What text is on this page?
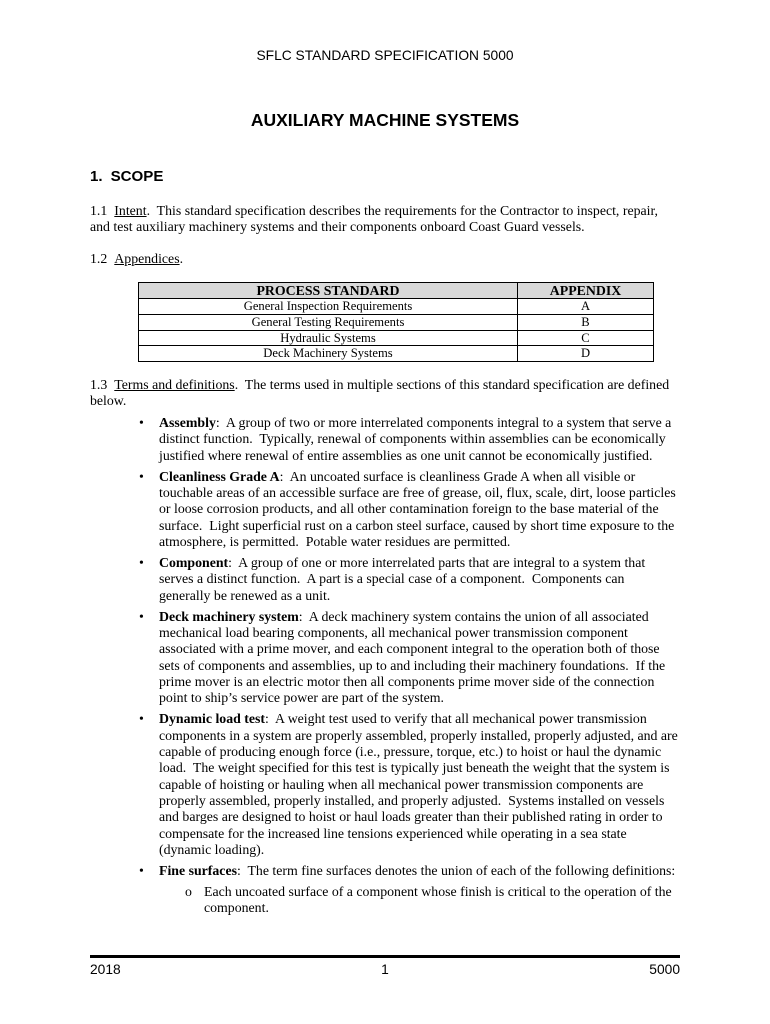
SFLC STANDARD SPECIFICATION 5000
AUXILIARY MACHINE SYSTEMS
1. SCOPE

1.1 Intent.  This standard specification describes the requirements for the Contractor to inspect, repair,
and test auxiliary machinery systems and their components onboard Coast Guard vessels.

1.2 Appendices.

PROCESS STANDARD	APPENDIX
General Inspection Requirements	A
General Testing Requirements	B
Hydraulic Systems	C
Deck Machinery Systems	D

1.3 Terms and definitions.  The terms used in multiple sections of this standard specification are defined
below.

•
Assembly:  A group of two or more interrelated components integral to a system that serve a
distinct function.  Typically, renewal of components within assemblies can be economically
justified where renewal of entire assemblies as one unit cannot be economically justified.
•
Cleanliness Grade A:  An uncoated surface is cleanliness Grade A when all visible or
touchable areas of an accessible surface are free of grease, oil, flux, scale, dirt, loose particles
or loose corrosion products, and all other contamination foreign to the base material of the
surface.  Light superficial rust on a carbon steel surface, caused by short time exposure to the
atmosphere, is permitted.  Potable water residues are permitted.
•
Component:  A group of one or more interrelated parts that are integral to a system that
serves a distinct function.  A part is a special case of a component.  Components can
generally be renewed as a unit.
•
Deck machinery system:  A deck machinery system contains the union of all associated
mechanical load bearing components, all mechanical power transmission component
associated with a prime mover, and each component integral to the operation both of those
sets of components and assemblies, up to and including their machinery foundations.  If the
prime mover is an electric motor then all components prime mover side of the connection
point to ship’s service power are part of the system.
•
Dynamic load test:  A weight test used to verify that all mechanical power transmission
components in a system are properly assembled, properly installed, properly adjusted, and are
capable of producing enough force (i.e., pressure, torque, etc.) to hoist or haul the dynamic
load.  The weight specified for this test is typically just beneath the weight that the system is
capable of hoisting or hauling when all mechanical power transmission components are
properly assembled, properly installed, and properly adjusted.  Systems installed on vessels
and barges are designed to hoist or haul loads greater than their published rating in order to
compensate for the increased line tensions experienced while operating in a sea state
(dynamic loading).
•
Fine surfaces:  The term fine surfaces denotes the union of each of the following definitions:
o
Each uncoated surface of a component whose finish is critical to the operation of the
component.
2018	1	5000
